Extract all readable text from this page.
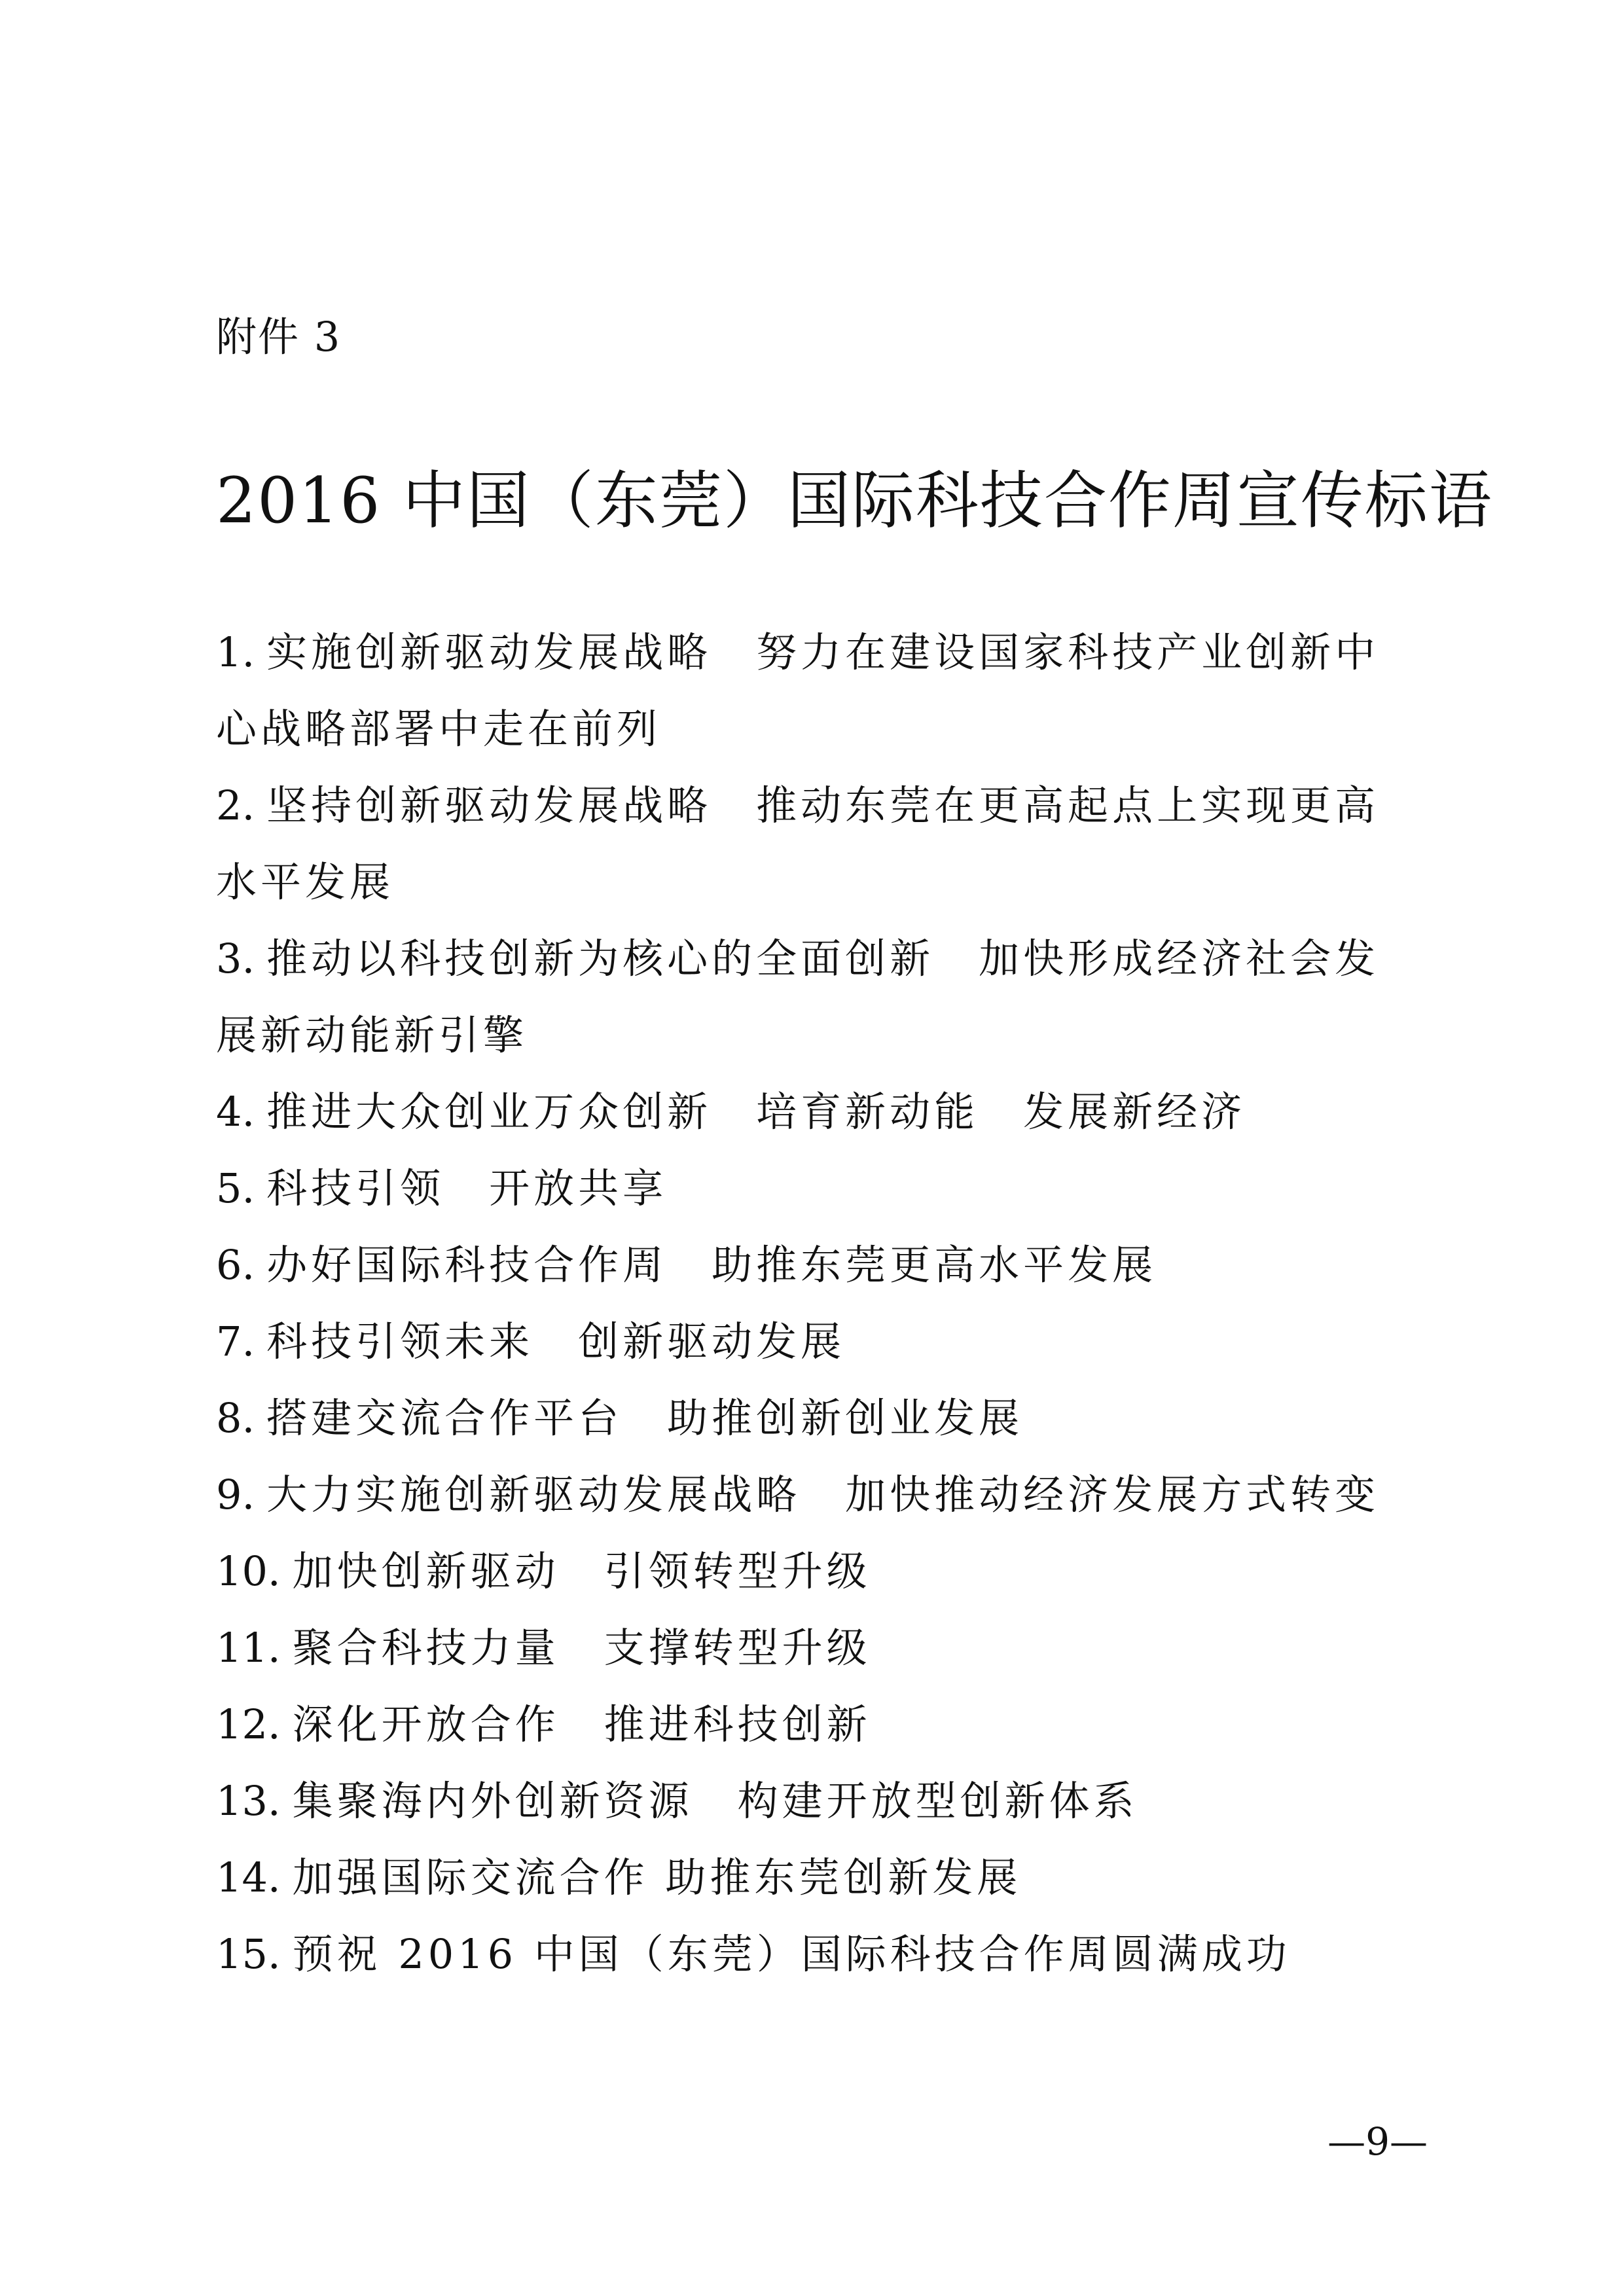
附件 3
2016 中国（东莞）国际科技合作周宣传标语
1. 实施创新驱动发展战略　努力在建设国家科技产业创新中心战略部署中走在前列
2. 坚持创新驱动发展战略　推动东莞在更高起点上实现更高水平发展
3. 推动以科技创新为核心的全面创新　加快形成经济社会发展新动能新引擎
4. 推进大众创业万众创新　培育新动能　发展新经济
5. 科技引领　开放共享
6. 办好国际科技合作周　助推东莞更高水平发展
7. 科技引领未来　创新驱动发展
8. 搭建交流合作平台　助推创新创业发展
9. 大力实施创新驱动发展战略　加快推动经济发展方式转变
10. 加快创新驱动　引领转型升级
11. 聚合科技力量　支撑转型升级
12. 深化开放合作　推进科技创新
13. 集聚海内外创新资源　构建开放型创新体系
14. 加强国际交流合作 助推东莞创新发展
15. 预祝 2016 中国（东莞）国际科技合作周圆满成功
—9—
